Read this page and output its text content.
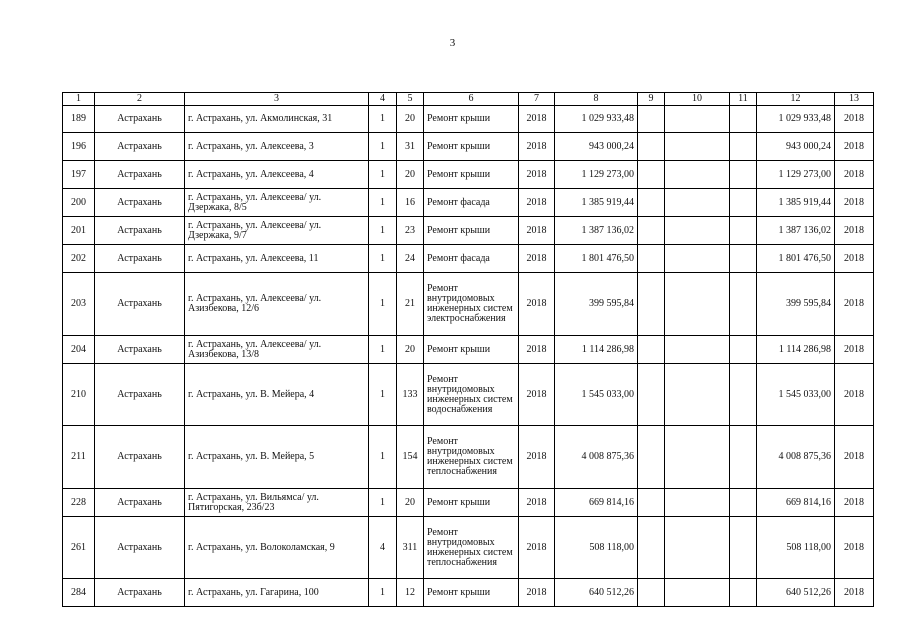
3
1	2	3	4	5	6	7	8	9	10	11	12	13
189	Астрахань	г. Астрахань, ул. Акмолинская, 31	1	20	Ремонт крыши	2018	1 029 933,48				1 029 933,48	2018
196	Астрахань	г. Астрахань, ул. Алексеева, 3	1	31	Ремонт крыши	2018	943 000,24				943 000,24	2018
197	Астрахань	г. Астрахань, ул. Алексеева, 4	1	20	Ремонт крыши	2018	1 129 273,00				1 129 273,00	2018
200	Астрахань	г. Астрахань, ул. Алексеева/ ул. Дзержака, 8/5	1	16	Ремонт фасада	2018	1 385 919,44				1 385 919,44	2018
201	Астрахань	г. Астрахань, ул. Алексеева/ ул. Дзержака, 9/7	1	23	Ремонт крыши	2018	1 387 136,02				1 387 136,02	2018
202	Астрахань	г. Астрахань, ул. Алексеева, 11	1	24	Ремонт фасада	2018	1 801 476,50				1 801 476,50	2018
203	Астрахань	г. Астрахань, ул. Алексеева/ ул. Азизбекова, 12/6	1	21	Ремонт внутридомовых инженерных систем электроснабжения	2018	399 595,84				399 595,84	2018
204	Астрахань	г. Астрахань, ул. Алексеева/ ул. Азизбекова, 13/8	1	20	Ремонт крыши	2018	1 114 286,98				1 114 286,98	2018
210	Астрахань	г. Астрахань, ул. В. Мейера, 4	1	133	Ремонт внутридомовых инженерных систем водоснабжения	2018	1 545 033,00				1 545 033,00	2018
211	Астрахань	г. Астрахань, ул. В. Мейера, 5	1	154	Ремонт внутридомовых инженерных систем теплоснабжения	2018	4 008 875,36				4 008 875,36	2018
228	Астрахань	г. Астрахань, ул. Вильямса/ ул. Пятигорская, 23б/23	1	20	Ремонт крыши	2018	669 814,16				669 814,16	2018
261	Астрахань	г. Астрахань, ул. Волоколамская, 9	4	311	Ремонт внутридомовых инженерных систем теплоснабжения	2018	508 118,00				508 118,00	2018
284	Астрахань	г. Астрахань, ул. Гагарина, 100	1	12	Ремонт крыши	2018	640 512,26				640 512,26	2018
